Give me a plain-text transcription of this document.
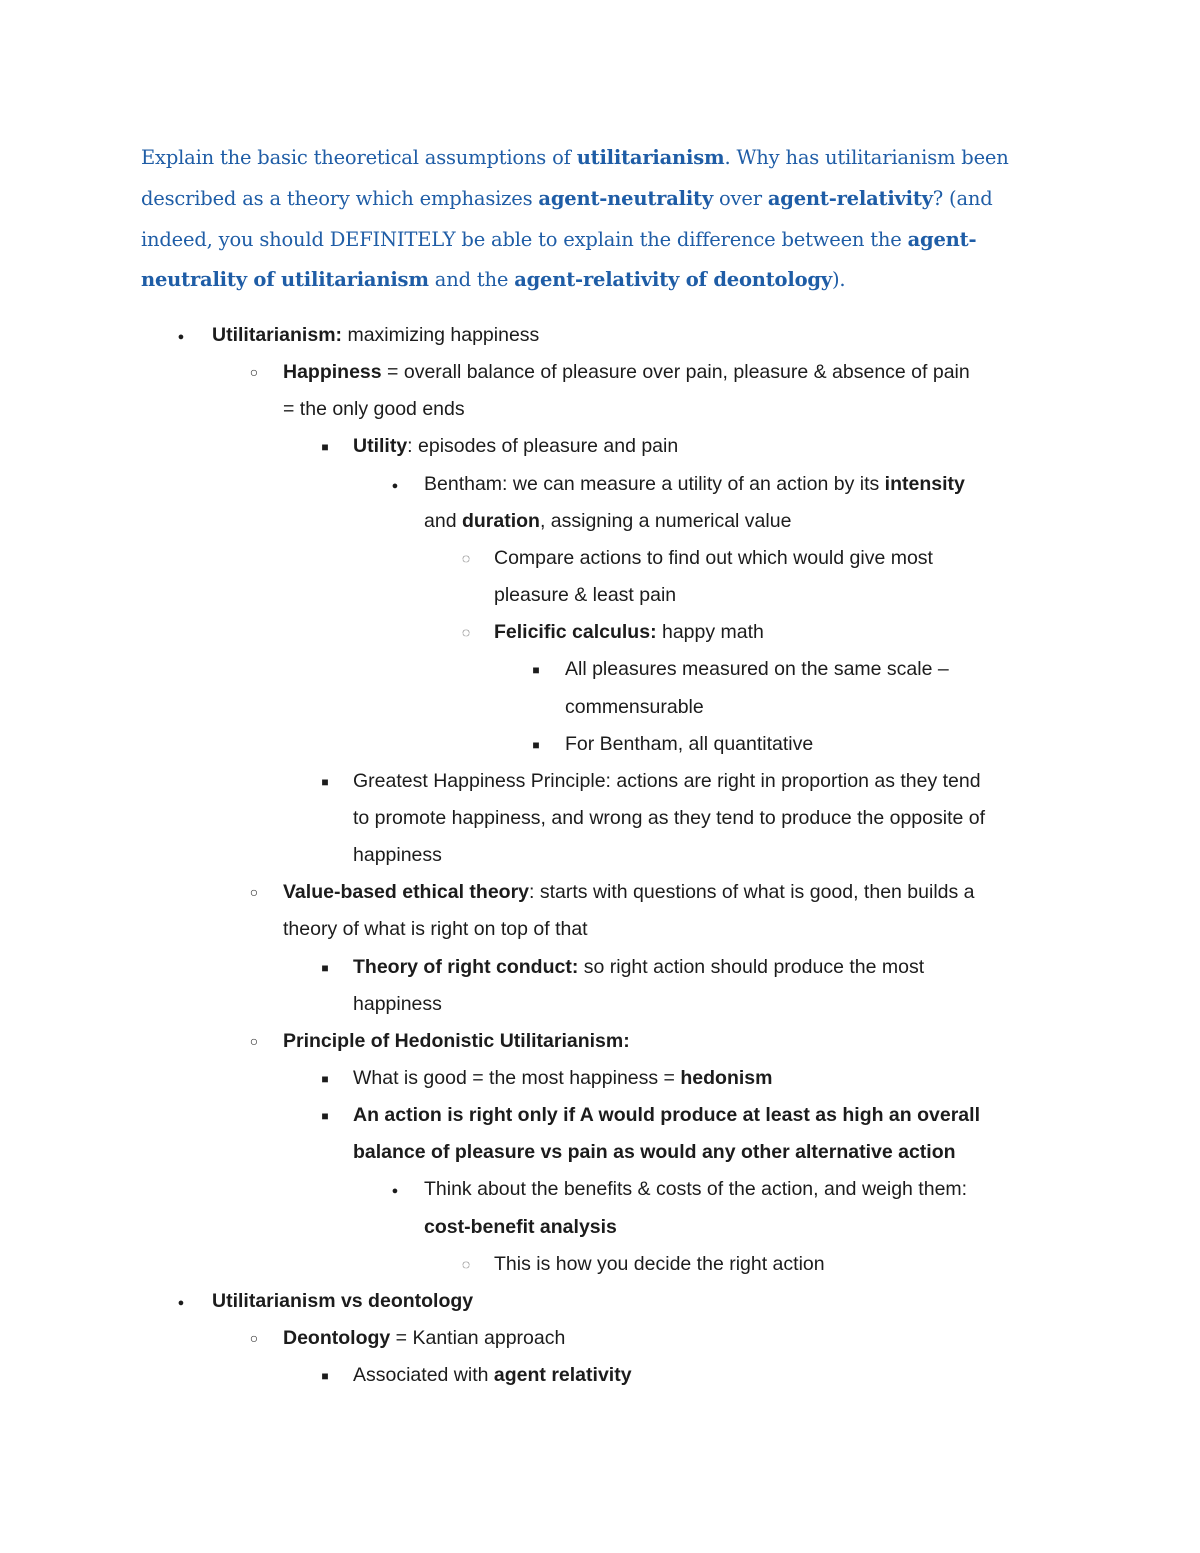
Explain the basic theoretical assumptions of utilitarianism. Why has utilitarianism been described as a theory which emphasizes agent-neutrality over agent-relativity? (and indeed, you should DEFINITELY be able to explain the difference between the agent-neutrality of utilitarianism and the agent-relativity of deontology).

●
Utilitarianism: maximizing happiness
○
Happiness = overall balance of pleasure over pain, pleasure & absence of pain
= the only good ends
■
Utility: episodes of pleasure and pain
●
Bentham: we can measure a utility of an action by its intensity
and duration, assigning a numerical value
◌
Compare actions to find out which would give most
pleasure & least pain
◌
Felicific calculus: happy math
■
All pleasures measured on the same scale –
commensurable
■
For Bentham, all quantitative
■
Greatest Happiness Principle: actions are right in proportion as they tend
to promote happiness, and wrong as they tend to produce the opposite of
happiness
○
Value-based ethical theory: starts with questions of what is good, then builds a
theory of what is right on top of that
■
Theory of right conduct: so right action should produce the most
happiness
○
Principle of Hedonistic Utilitarianism:
■
What is good = the most happiness = hedonism
■
An action is right only if A would produce at least as high an overall
balance of pleasure vs pain as would any other alternative action
●
Think about the benefits & costs of the action, and weigh them:
cost-benefit analysis
◌
This is how you decide the right action
●
Utilitarianism vs deontology
○
Deontology = Kantian approach
■
Associated with agent relativity
